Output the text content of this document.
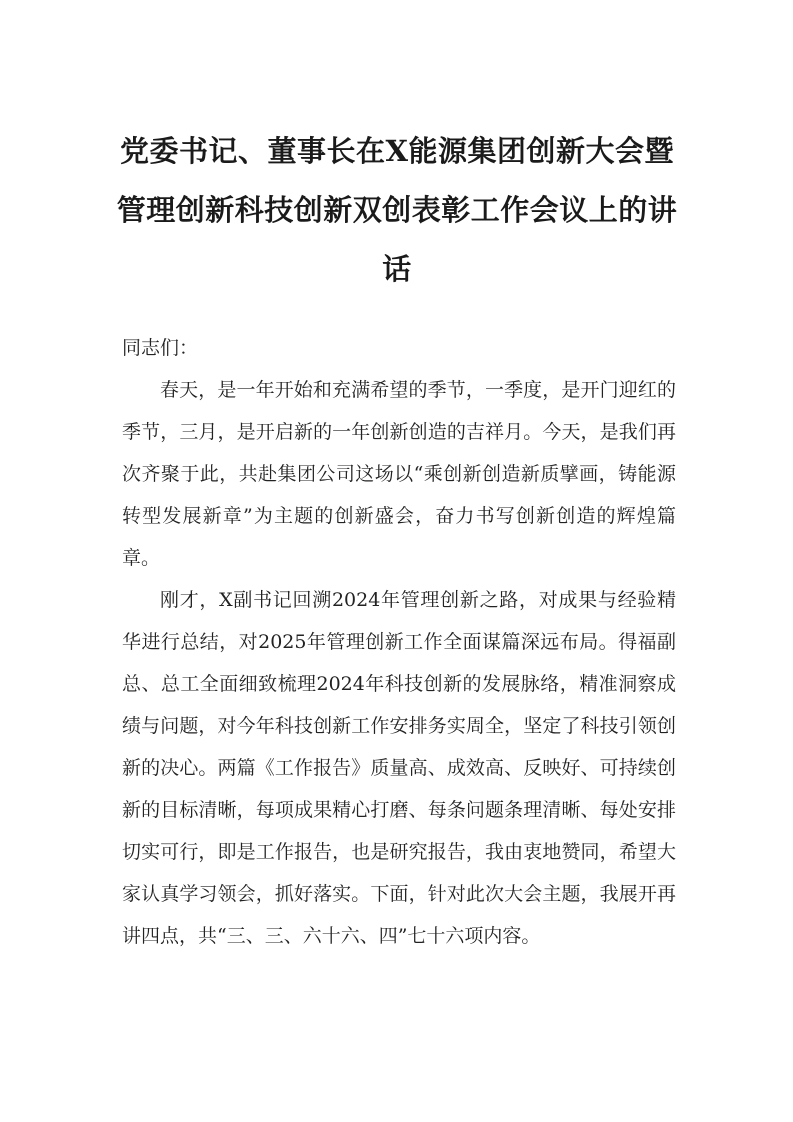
党委书记、董事长在X能源集团创新大会暨管理创新科技创新双创表彰工作会议上的讲话

同志们：

春天，是一年开始和充满希望的季节，一季度，是开门迎红的季节，三月，是开启新的一年创新创造的吉祥月。今天，是我们再次齐聚于此，共赴集团公司这场以“乘创新创造新质擘画，铸能源转型发展新章”为主题的创新盛会，奋力书写创新创造的辉煌篇章。

刚才，X副书记回溯2024年管理创新之路，对成果与经验精华进行总结，对2025年管理创新工作全面谋篇深远布局。得福副总、总工全面细致梳理2024年科技创新的发展脉络，精准洞察成绩与问题，对今年科技创新工作安排务实周全，坚定了科技引领创新的决心。两篇《工作报告》质量高、成效高、反映好、可持续创新的目标清晰，每项成果精心打磨、每条问题条理清晰、每处安排切实可行，即是工作报告，也是研究报告，我由衷地赞同，希望大家认真学习领会，抓好落实。下面，针对此次大会主题，我展开再讲四点，共“三、三、六十六、四”七十六项内容。
